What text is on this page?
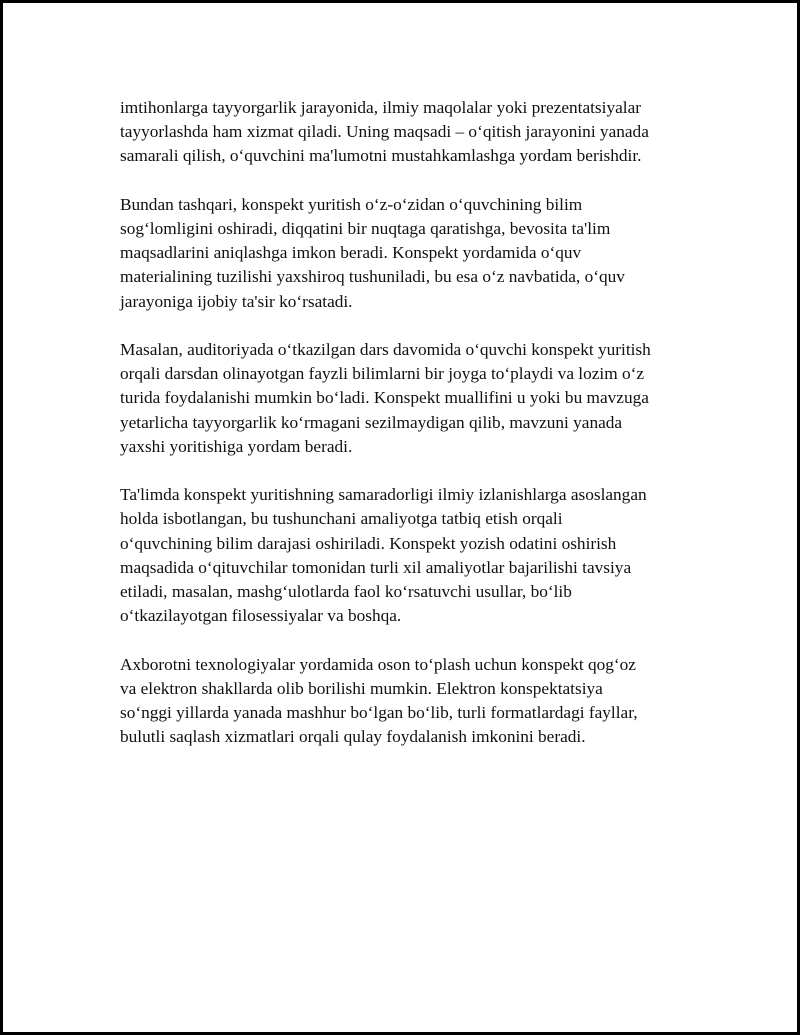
imtihonlarga tayyorgarlik jarayonida, ilmiy maqolalar yoki prezentatsiyalar
tayyorlashda ham xizmat qiladi. Uning maqsadi – oʻqitish jarayonini yanada
samarali qilish, oʻquvchini ma'lumotni mustahkamlashga yordam berishdir.

Bundan tashqari, konspekt yuritish oʻz-oʻzidan oʻquvchining bilim
sogʻlomligini oshiradi, diqqatini bir nuqtaga qaratishga, bevosita ta'lim
maqsadlarini aniqlashga imkon beradi. Konspekt yordamida oʻquv
materialining tuzilishi yaxshiroq tushuniladi, bu esa oʻz navbatida, oʻquv
jarayoniga ijobiy ta'sir koʻrsatadi.

Masalan, auditoriyada oʻtkazilgan dars davomida oʻquvchi konspekt yuritish
orqali darsdan olinayotgan fayzli bilimlarni bir joyga toʻplaydi va lozim oʻz
turida foydalanishi mumkin boʻladi. Konspekt muallifini u yoki bu mavzuga
yetarlicha tayyorgarlik koʻrmagani sezilmaydigan qilib, mavzuni yanada
yaxshi yoritishiga yordam beradi.

Ta'limda konspekt yuritishning samaradorligi ilmiy izlanishlarga asoslangan
holda isbotlangan, bu tushunchani amaliyotga tatbiq etish orqali
oʻquvchining bilim darajasi oshiriladi. Konspekt yozish odatini oshirish
maqsadida oʻqituvchilar tomonidan turli xil amaliyotlar bajarilishi tavsiya
etiladi, masalan, mashgʻulotlarda faol koʻrsatuvchi usullar, boʻlib
oʻtkazilayotgan filosessiyalar va boshqa.

Axborotni texnologiyalar yordamida oson toʻplash uchun konspekt qogʻoz
va elektron shakllarda olib borilishi mumkin. Elektron konspektatsiya
soʻnggi yillarda yanada mashhur boʻlgan boʻlib, turli formatlardagi fayllar,
bulutli saqlash xizmatlari orqali qulay foydalanish imkonini beradi.
